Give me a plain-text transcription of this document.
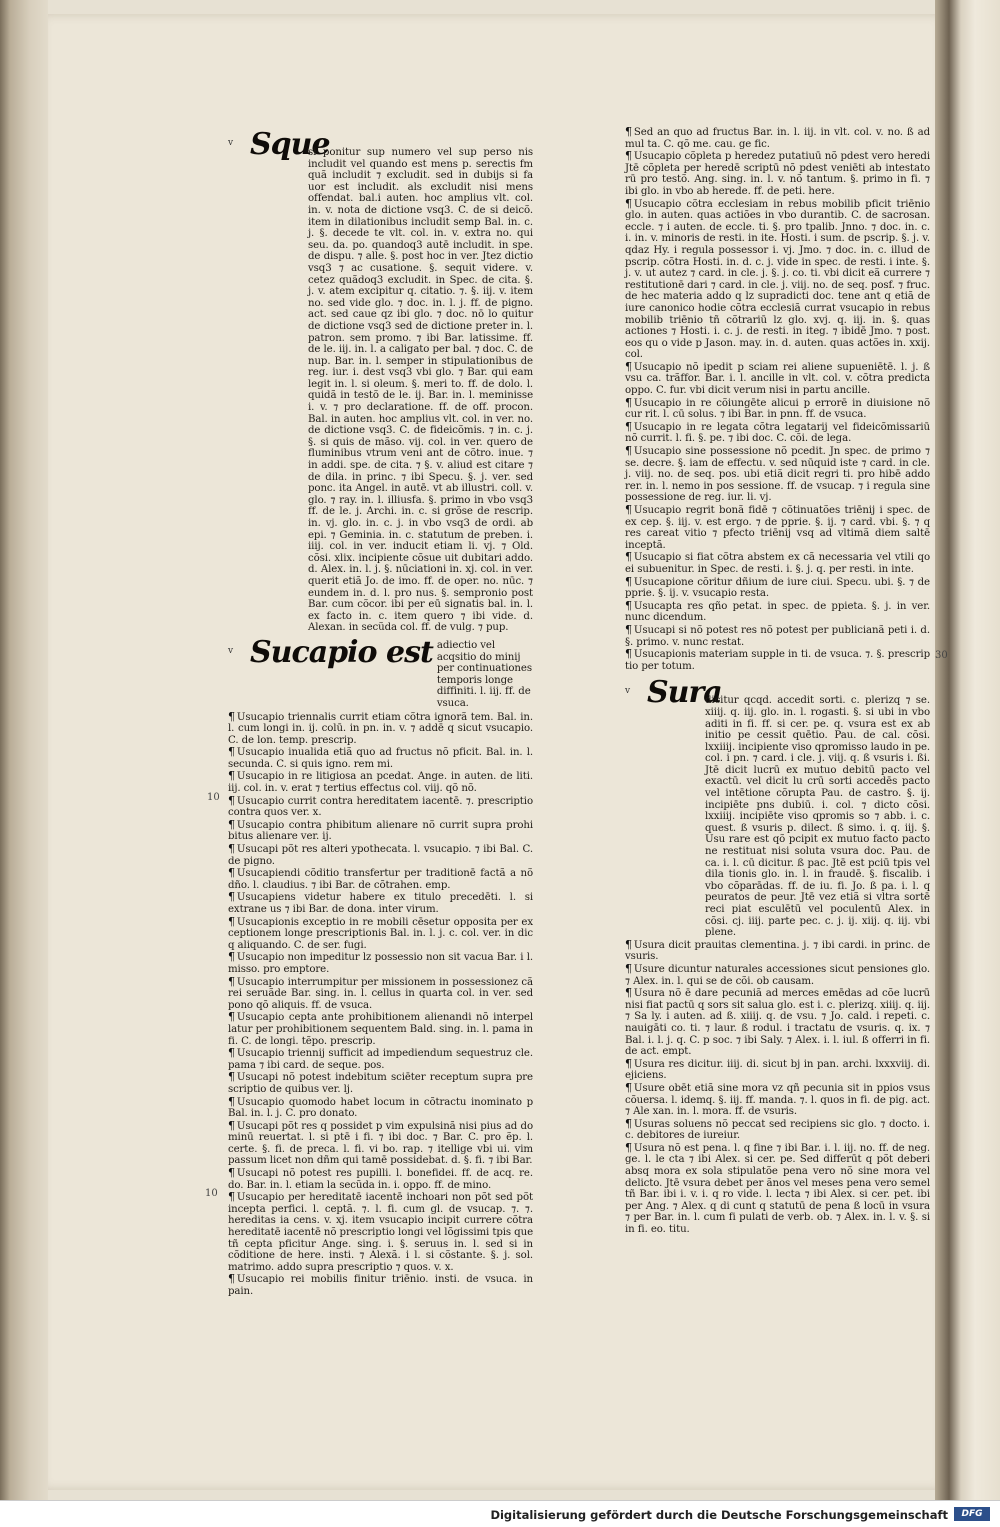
10
10
30
v Sque

si ponitur sup numero vel sup perso nis includit vel quando est mens p. serectis fm quã includit ⁊ excludit. sed in dubijs si fa uor est includit. als excludit nisi mens offendat. bal.i auten. hoc amplius vlt. col. in. v. nota de dictione vsq3. C. de si deicõ. item in dilationibus includit semp Bal. in. c. j. §. decede te vlt. col. in. v. extra no. qui seu. da. po. quandoq3 autē includit. in spe. de dispu. ⁊ alle. §. post hoc in ver. Jtez dictio vsq3 ⁊ ac cusatione. §. sequit videre. v. cetez quãdoq3 excludit. in Spec. de cita. §. j. v. atem excipitur q. citatio. ⁊. §. iij. v. item no. sed vide glo. ⁊ doc. in. l. j. ff. de pigno. act. sed caue qz ibi glo. ⁊ doc. nō lo quitur de dictione vsq3 sed de dictione preter in. l. patron. sem promo. ⁊ ibi Bar. latissime. ff. de le. iij. in. l. a caligato per bal. ⁊ doc. C. de nup. Bar. in. l. semper in stipulationibus de reg. iur. i. dest vsq3 vbi glo. ⁊ Bar. qui eam legit in. l. si oleum. §. meri to. ff. de dolo. l. quidã in testõ de le. ij. Bar. in. l. meminisse i. v. ⁊ pro declaratione. ff. de off. procon. Bal. in auten. hoc amplius vlt. col. in ver. no. de dictione vsq3. C. de fideicõmis. ⁊ in. c. j. §. si quis de mãso. vij. col. in ver. quero de fluminibus vtrum veni ant de cõtro. inue. ⁊ in addi. spe. de cita. ⁊ §. v. aliud est citare ⁊ de dila. in princ. ⁊ ibi Specu. §. j. ver. sed ponc. ita Angel. in autē. vt ab illustri. coll. v. glo. ⁊ ray. in. l. illiusfa. §. primo in vbo vsq3 ff. de le. j. Archi. in. c. si grõse de rescrip. in. vj. glo. in. c. j. in vbo vsq3 de ordi. ab epi. ⁊ Geminia. in. c. statutum de preben. i. iiij. col. in ver. inducit etiam li. vj. ⁊ Old. cõsi. xlix. incipiente cõsue uit dubitari addo. d. Alex. in. l. j. §. nūciationi in. xj. col. in ver. querit etiã Jo. de imo. ff. de oper. no. nūc. ⁊ eundem in. d. l. pro nus. §. sempronio post Bar. cum cõcor. ibi per eū signatis bal. in. l. ex facto in. c. item quero ⁊ ibi vide. d. Alexan. in secũda col. ff. de vulg. ⁊ pup.

v Sucapio est adiectio vel acqsitio do minij per continuationes temporis longe diffiniti. l. iij. ff. de vsuca.

¶ Usucapio triennalis currit etiam cõtra ignorã tem. Bal. in. l. cum longi in. ij. colū. in pn. in. v. ⁊ addē q sicut vsucapio. C. de lon. temp. prescrip.

¶ Usucapio inualida etiã quo ad fructus nõ pficit. Bal. in. l. secunda. C. si quis igno. rem mi.

¶ Usucapio in re litigiosa an pcedat. Ange. in auten. de liti. iij. col. in. v. erat ⁊ tertius effectus col. viij. qõ nõ.

¶ Usucapio currit contra hereditatem iacentē. ⁊. prescriptio contra quos ver. x.

¶ Usucapio contra phibitum alienare nõ currit supra prohi bitus alienare ver. ij.

¶ Usucapi põt res alteri ypothecata. l. vsucapio. ⁊ ibi Bal. C. de pigno.

¶ Usucapiendi cõditio transfertur per traditionē factã a nõ dño. l. claudius. ⁊ ibi Bar. de cõtrahen. emp.

¶ Usucapiens videtur habere ex titulo precedēti. l. si extrane us ⁊ ibi Bar. de dona. inter virum.

¶ Usucapionis exceptio in re mobili cēsetur opposita per ex ceptionem longe prescriptionis Bal. in. l. j. c. col. ver. in dic q aliquando. C. de ser. fugi.

¶ Usucapio non impeditur lz possessio non sit vacua Bar. i l. misso. pro emptore.

¶ Usucapio interrumpitur per missionem in possessionez cã rei seruãde Bar. sing. in. l. cellus in quarta col. in ver. sed pono qõ aliquis. ff. de vsuca.

¶ Usucapio cepta ante prohibitionem alienandi nõ interpel latur per prohibitionem sequentem Bald. sing. in. l. pama in fi. C. de longi. tẽpo. prescrip.

¶ Usucapio triennij sufficit ad impediendum sequestruz cle. pama ⁊ ibi card. de seque. pos.

¶ Usucapi nõ potest indebitum sciēter receptum supra pre scriptio de quibus ver. lj.

¶ Usucapio quomodo habet locum in cõtractu inominato p Bal. in. l. j. C. pro donato.

¶ Usucapi põt res q possidet p vim expulsinã nisi pius ad do minū reuertat. l. si ptē i fi. ⁊ ibi doc. ⁊ Bar. C. pro ẽp. l. certe. §. fi. de preca. l. fi. vi bo. rap. ⁊ itellige vbi ui. vim passum licet non dñm qui tamē possidebat. d. §. fi. ⁊ ibi Bar.

¶ Usucapi nõ potest res pupilli. l. bonefidei. ff. de acq. re. do. Bar. in. l. etiam la secũda in. i. oppo. ff. de mino.

¶ Usucapio per hereditatē iacentē inchoari non põt sed põt incepta perfici. l. ceptã. ⁊. l. fi. cum gl. de vsucap. ⁊. ⁊. hereditas ia cens. v. xj. item vsucapio incipit currere cõtra hereditatē iacentē nõ prescriptio longi vel lõgissimi tpis que tñ cepta pficitur Ange. sing. i. §. seruus in. l. sed si in cõditione de here. insti. ⁊ Alexã. i l. si cõstante. §. j. sol. matrimo. addo supra prescriptio ⁊ quos. v. x.

¶ Usucapio rei mobilis finitur triēnio. insti. de vsuca. in pain.

¶ Sed an quo ad fructus Bar. in. l. iij. in vlt. col. v. no. ß ad mul ta. C. qõ me. cau. ge fic.

¶ Usucapio cõpleta p heredez putatiuū nõ pdest vero heredi Jtē cõpleta per heredē scriptū nõ pdest veniēti ab intestato rū pro testõ. Ang. sing. in. l. v. nõ tantum. §. primo in fi. ⁊ ibi glo. in vbo ab herede. ff. de peti. here.

¶ Usucapio cõtra ecclesiam in rebus mobilib pficit triēnio glo. in auten. quas actiões in vbo durantib. C. de sacrosan. eccle. ⁊ i auten. de eccle. ti. §. pro tpalib. Jnno. ⁊ doc. in. c. i. in. v. minoris de resti. in ite. Hosti. i sum. de pscrip. §. j. v. qdaz Hy. i regula possessor i. vj. Jmo. ⁊ doc. in. c. illud de pscrip. cõtra Hosti. in. d. c. j. vide in spec. de resti. i inte. §. j. v. ut autez ⁊ card. in cle. j. §. j. co. ti. vbi dicit eã currere ⁊ restitutionē dari ⁊ card. in cle. j. viij. no. de seq. posf. ⁊ fruc. de hec materia addo q lz supradicti doc. tene ant q etiã de iure canonico hodie cõtra ecclesiã currat vsucapio in rebus mobilib triēnio tñ cõtrariū lz glo. xvj. q. iij. in. §. quas actiones ⁊ Hosti. i. c. j. de resti. in iteg. ⁊ ibidē Jmo. ⁊ post. eos qu o vide p Jason. may. in. d. auten. quas actões in. xxij. col.

¶ Usucapio nõ ipedit p sciam rei aliene supueniētē. l. j. ß vsu ca. trãffor. Bar. i. l. ancille in vlt. col. v. cõtra predicta oppo. C. fur. vbi dicit verum nisi in partu ancille.

¶ Usucapio in re cõiungēte alicui p errorē in diuisione nõ cur rit. l. cū solus. ⁊ ibi Bar. in pnn. ff. de vsuca.

¶ Usucapio in re legata cõtra legatarij vel fideicõmissariū nõ currit. l. fi. §. pe. ⁊ ibi doc. C. cõi. de lega.

¶ Usucapio sine possessione nõ pcedit. Jn spec. de primo ⁊ se. decre. §. iam de effectu. v. sed nūquid iste ⁊ card. in cle. j. viij. no. de seq. pos. ubi etiã dicit regri ti. pro hibē addo rer. in. l. nemo in pos sessione. ff. de vsucap. ⁊ i regula sine possessione de reg. iur. li. vj.

¶ Usucapio regrit bonã fidē ⁊ cõtinuatões triēnij i spec. de ex cep. §. iij. v. est ergo. ⁊ de pprie. §. ij. ⁊ card. vbi. §. ⁊ q res careat vitio ⁊ pfecto triēnij vsq ad vltimã diem saltē inceptã.

¶ Usucapio si fiat cõtra abstem ex cã necessaria vel vtili qo ei subuenitur. in Spec. de resti. i. §. j. q. per resti. in inte.

¶ Usucapione cõritur dñium de iure ciui. Specu. ubi. §. ⁊ de pprie. §. ij. v. vsucapio resta.

¶ Usucapta res qño petat. in spec. de ppieta. §. j. in ver. nunc dicendum.

¶ Usucapi si nõ potest res nõ potest per publicianã peti i. d. §. primo. v. nunc restat.

¶ Usucapionis materiam supple in ti. de vsuca. ⁊. §. prescrip tio per totum.

v Sura

dicitur qcqd. accedit sorti. c. plerizq ⁊ se. xiiij. q. iij. glo. in. l. rogasti. §. si ubi in vbo aditi in fi. ff. si cer. pe. q. vsura est ex ab initio pe cessit quētio. Pau. de cal. cõsi. lxxiiij. incipiente viso qpromisso laudo in pe. col. i pn. ⁊ card. i cle. j. viij. q. ß vsuris i. ßi. Jtē dicit lucrū ex mutuo debitū pacto vel exactū. vel dicit lu crū sorti accedēs pacto vel intētione cõrupta Pau. de castro. §. ij. incipiēte pns dubiū. i. col. ⁊ dicto cõsi. lxxiiij. incipiēte viso qpromis so ⁊ abb. i. c. quest. ß vsuris p. dilect. ß simo. i. q. iij. §. Usu rare est qõ pcipit ex mutuo facto pacto ne restituat nisi soluta vsura doc. Pau. de ca. i. l. cū dicitur. ß pac. Jtē est pciū tpis vel dila tionis glo. in. l. in fraudē. §. fiscalib. i vbo cõparādas. ff. de iu. fi. Jo. ß pa. i. l. q peuratos de peur. Jtē vez etiã si vltra sortē reci piat esculētū vel poculentū Alex. in cõsi. cj. iiij. parte pec. c. j. ij. xiij. q. iij. vbi plene.

¶ Usura dicit prauitas clementina. j. ⁊ ibi cardi. in princ. de vsuris.

¶ Usure dicuntur naturales accessiones sicut pensiones glo. ⁊ Alex. in. l. qui se de cõi. ob causam.

¶ Usura nõ ē dare pecuniã ad merces emēdas ad cõe lucrū nisi fiat pactū q sors sit salua glo. est i. c. plerizq. xiiij. q. iij. ⁊ Sa ly. i auten. ad ß. xiiij. q. de vsu. ⁊ Jo. cald. i repeti. c. nauigāti co. ti. ⁊ laur. ß rodul. i tractatu de vsuris. q. ix. ⁊ Bal. i. l. j. q. C. p soc. ⁊ ibi Saly. ⁊ Alex. i. l. iul. ß offerri in fi. de act. empt.

¶ Usura res dicitur. iiij. di. sicut bj in pan. archi. lxxxviij. di. ejiciens.

¶ Usure obēt etiã sine mora vz qñ pecunia sit in ppios vsus cõuersa. l. idemq. §. iij. ff. manda. ⁊. l. quos in fi. de pig. act. ⁊ Ale xan. in. l. mora. ff. de vsuris.

¶ Usuras soluens nõ peccat sed recipiens sic glo. ⁊ docto. i. c. debitores de iureiur.

¶ Usura nõ est pena. l. q fine ⁊ ibi Bar. i. l. iij. no. ff. de neg. ge. l. le cta ⁊ ibi Alex. si cer. pe. Sed differūt q põt deberi absq mora ex sola stipulatõe pena vero nõ sine mora vel delicto. Jtē vsura debet per ãnos vel meses pena vero semel tñ Bar. ibi i. v. i. q ro vide. l. lecta ⁊ ibi Alex. si cer. pet. ibi per Ang. ⁊ Alex. q di cunt q statutū de pena ß locū in vsura ⁊ per Bar. in. l. cum fi pulati de verb. ob. ⁊ Alex. in. l. v. §. si in fi. eo. titu.

Digitalisierung gefördert durch die Deutsche Forschungsgemeinschaft	DFG
